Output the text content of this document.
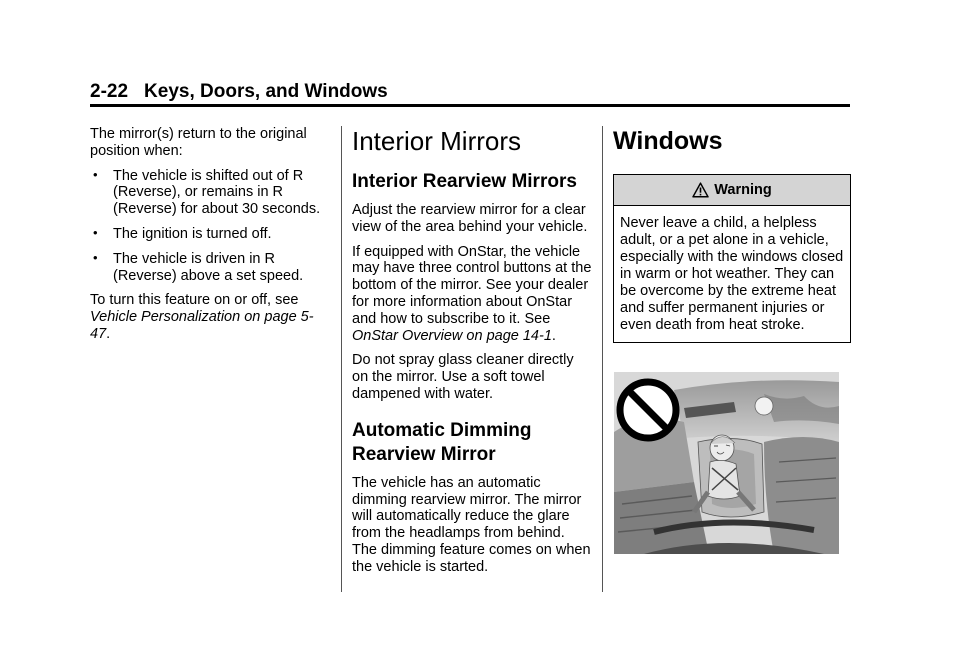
2-22 Keys, Doors, and Windows

The mirror(s) return to the original position when:

• The vehicle is shifted out of R (Reverse), or remains in R (Reverse) for about 30 seconds.
• The ignition is turned off.
• The vehicle is driven in R (Reverse) above a set speed.

To turn this feature on or off, see Vehicle Personalization on page 5-47.

Interior Mirrors
Interior Rearview Mirrors

Adjust the rearview mirror for a clear view of the area behind your vehicle.

If equipped with OnStar, the vehicle may have three control buttons at the bottom of the mirror. See your dealer for more information about OnStar and how to subscribe to it. See OnStar Overview on page 14-1.

Do not spray glass cleaner directly on the mirror. Use a soft towel dampened with water.

Automatic Dimming Rearview Mirror

The vehicle has an automatic dimming rearview mirror. The mirror will automatically reduce the glare from the headlamps from behind. The dimming feature comes on when the vehicle is started.

Windows
Warning
Never leave a child, a helpless adult, or a pet alone in a vehicle, especially with the windows closed in warm or hot weather. They can be overcome by the extreme heat and suffer permanent injuries or even death from heat stroke.
